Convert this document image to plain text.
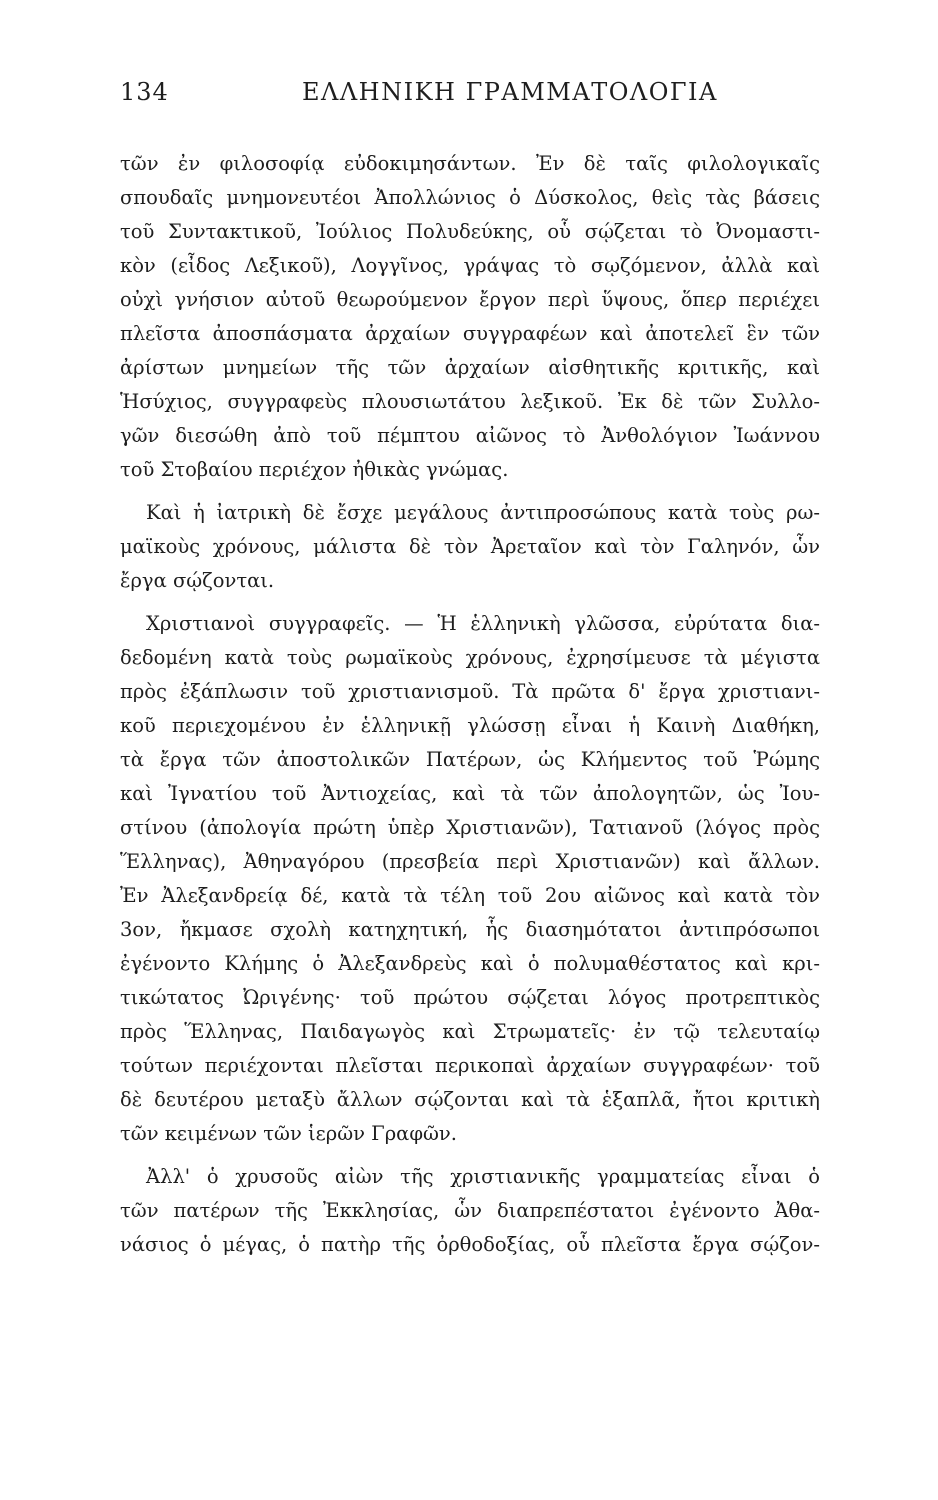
134	ΕΛΛΗΝΙΚΗ ΓΡΑΜΜΑΤΟΛΟΓΙΑ
τῶν ἐν φιλοσοφίᾳ εὐδοκιμησάντων. Ἐν δὲ ταῖς φιλολογικαῖς
σπουδαῖς μνημονευτέοι Ἀπολλώνιος ὁ Δύσκολος, θεὶς τὰς βάσεις
τοῦ Συντακτικοῦ, Ἰούλιος Πολυδεύκης, οὗ σῴζεται τὸ Ὀνομαστι-
κὸν (εἶδος Λεξικοῦ), Λογγῖνος, γράψας τὸ σῳζόμενον, ἀλλὰ καὶ
οὐχὶ γνήσιον αὐτοῦ θεωρούμενον ἔργον περὶ ὕψους, ὅπερ περιέχει
πλεῖστα ἀποσπάσματα ἀρχαίων συγγραφέων καὶ ἀποτελεῖ ἓν τῶν
ἀρίστων μνημείων τῆς τῶν ἀρχαίων αἰσθητικῆς κριτικῆς, καὶ
Ἡσύχιος, συγγραφεὺς πλουσιωτάτου λεξικοῦ. Ἐκ δὲ τῶν Συλλο-
γῶν διεσώθη ἀπὸ τοῦ πέμπτου αἰῶνος τὸ Ἀνθολόγιον Ἰωάννου
τοῦ Στοβαίου περιέχον ἠθικὰς γνώμας.
Καὶ ἡ ἰατρικὴ δὲ ἔσχε μεγάλους ἀντιπροσώπους κατὰ τοὺς ρω-
μαϊκοὺς χρόνους, μάλιστα δὲ τὸν Ἀρεταῖον καὶ τὸν Γαληνόν, ὧν
ἔργα σῴζονται.
Χριστιανοὶ συγγραφεῖς. — Ἡ ἑλληνικὴ γλῶσσα, εὐρύτατα δια-
δεδομένη κατὰ τοὺς ρωμαϊκοὺς χρόνους, ἐχρησίμευσε τὰ μέγιστα
πρὸς ἐξάπλωσιν τοῦ χριστιανισμοῦ. Τὰ πρῶτα δ' ἔργα χριστιανι-
κοῦ περιεχομένου ἐν ἑλληνικῇ γλώσσῃ εἶναι ἡ Καινὴ Διαθήκη,
τὰ ἔργα τῶν ἀποστολικῶν Πατέρων, ὡς Κλήμεντος τοῦ Ῥώμης
καὶ Ἰγνατίου τοῦ Ἀντιοχείας, καὶ τὰ τῶν ἀπολογητῶν, ὡς Ἰου-
στίνου (ἀπολογία πρώτη ὑπὲρ Χριστιανῶν), Τατιανοῦ (λόγος πρὸς
Ἕλληνας), Ἀθηναγόρου (πρεσβεία περὶ Χριστιανῶν) καὶ ἄλλων.
Ἐν Ἀλεξανδρείᾳ δέ, κατὰ τὰ τέλη τοῦ 2ου αἰῶνος καὶ κατὰ τὸν
3ον, ἤκμασε σχολὴ κατηχητική, ἧς διασημότατοι ἀντιπρόσωποι
ἐγένοντο Κλήμης ὁ Ἀλεξανδρεὺς καὶ ὁ πολυμαθέστατος καὶ κρι-
τικώτατος Ὠριγένης· τοῦ πρώτου σῴζεται λόγος προτρεπτικὸς
πρὸς Ἕλληνας, Παιδαγωγὸς καὶ Στρωματεῖς· ἐν τῷ τελευταίῳ
τούτων περιέχονται πλεῖσται περικοπαὶ ἀρχαίων συγγραφέων· τοῦ
δὲ δευτέρου μεταξὺ ἄλλων σῴζονται καὶ τὰ ἑξαπλᾶ, ἤτοι κριτικὴ
τῶν κειμένων τῶν ἱερῶν Γραφῶν.
Ἀλλ' ὁ χρυσοῦς αἰὼν τῆς χριστιανικῆς γραμματείας εἶναι ὁ
τῶν πατέρων τῆς Ἐκκλησίας, ὧν διαπρεπέστατοι ἐγένοντο Ἀθα-
νάσιος ὁ μέγας, ὁ πατὴρ τῆς ὀρθοδοξίας, οὗ πλεῖστα ἔργα σῴζον-
